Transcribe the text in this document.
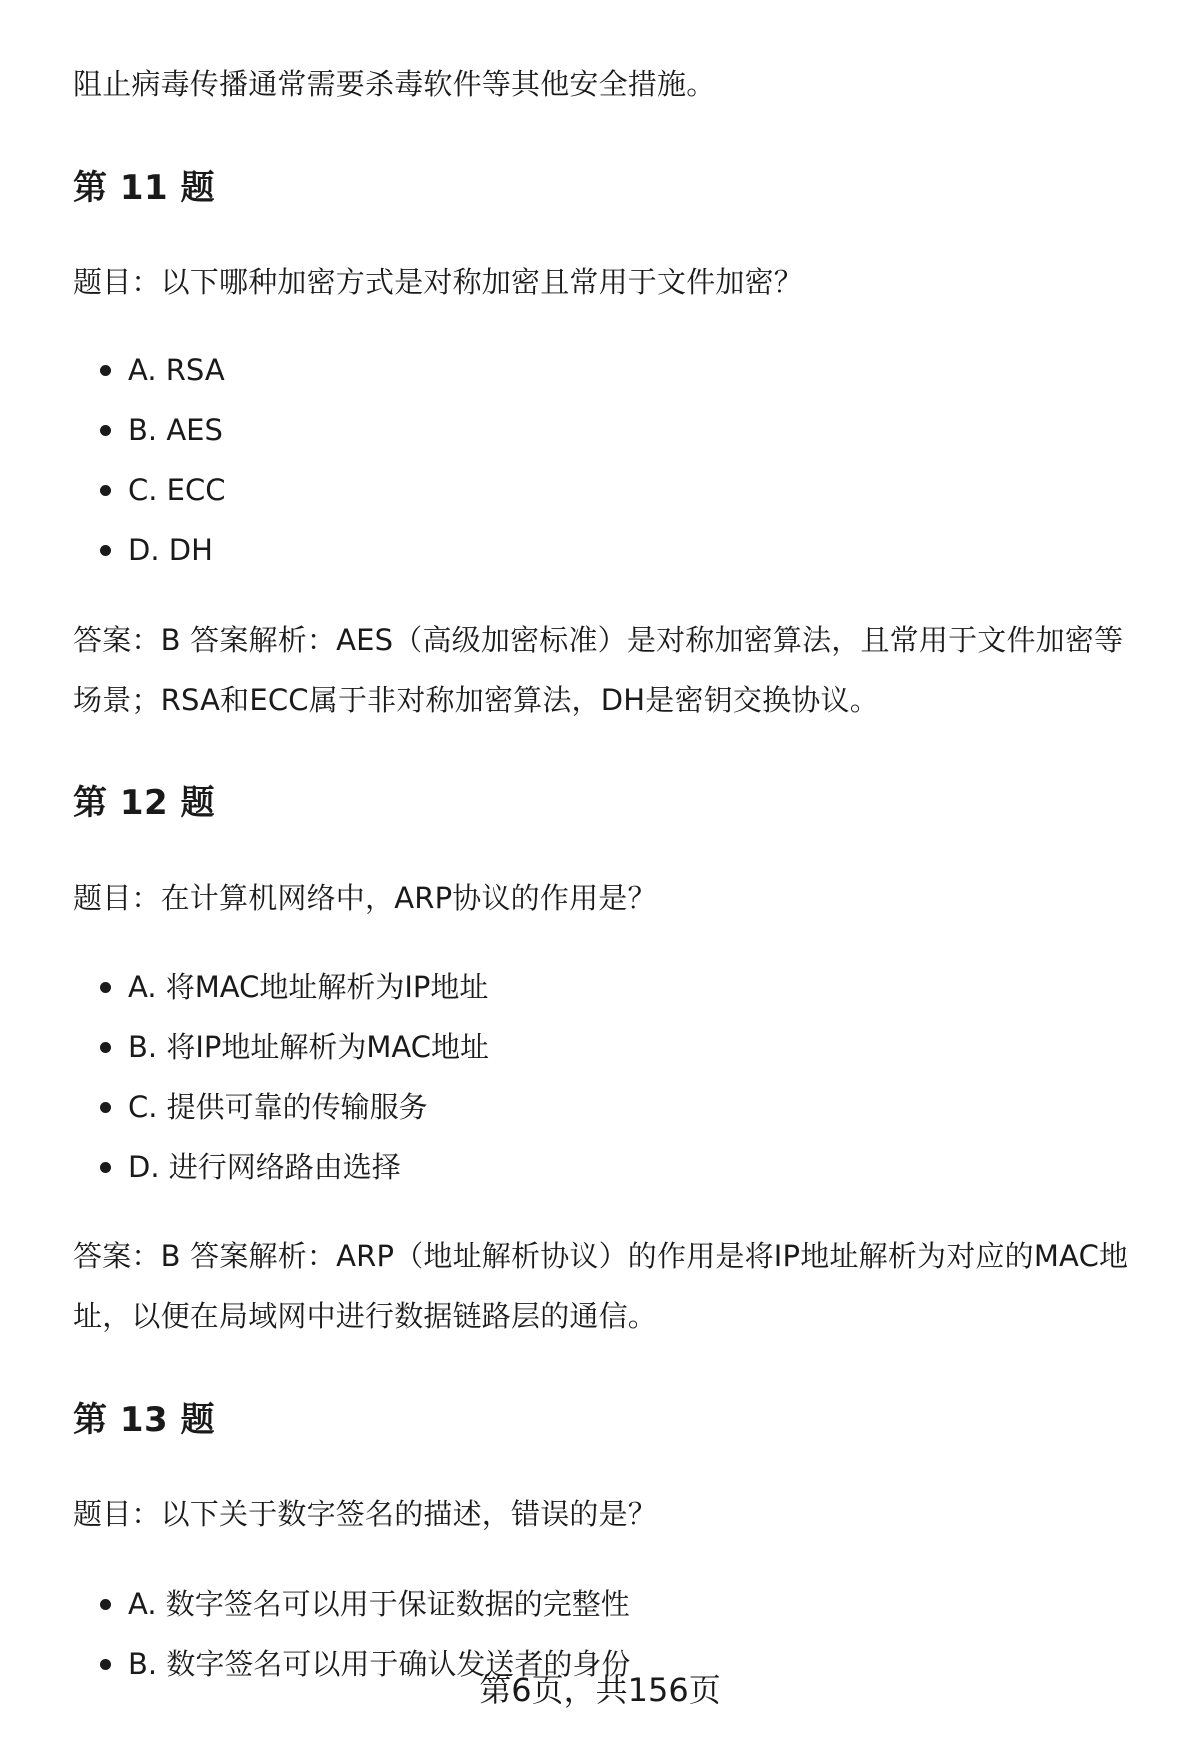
阻止病毒传播通常需要杀毒软件等其他安全措施。

第 11 题

题目：以下哪种加密方式是对称加密且常用于文件加密？

A. RSA
B. AES
C. ECC
D. DH

答案：B 答案解析：AES（高级加密标准）是对称加密算法，且常用于文件加密等

场景；RSA和ECC属于非对称加密算法，DH是密钥交换协议。

第 12 题

题目：在计算机网络中，ARP协议的作用是？

A. 将MAC地址解析为IP地址
B. 将IP地址解析为MAC地址
C. 提供可靠的传输服务
D. 进行网络路由选择

答案：B 答案解析：ARP（地址解析协议）的作用是将IP地址解析为对应的MAC地

址，以便在局域网中进行数据链路层的通信。

第 13 题

题目：以下关于数字签名的描述，错误的是？

A. 数字签名可以用于保证数据的完整性
B. 数字签名可以用于确认发送者的身份
第6页，共156页
